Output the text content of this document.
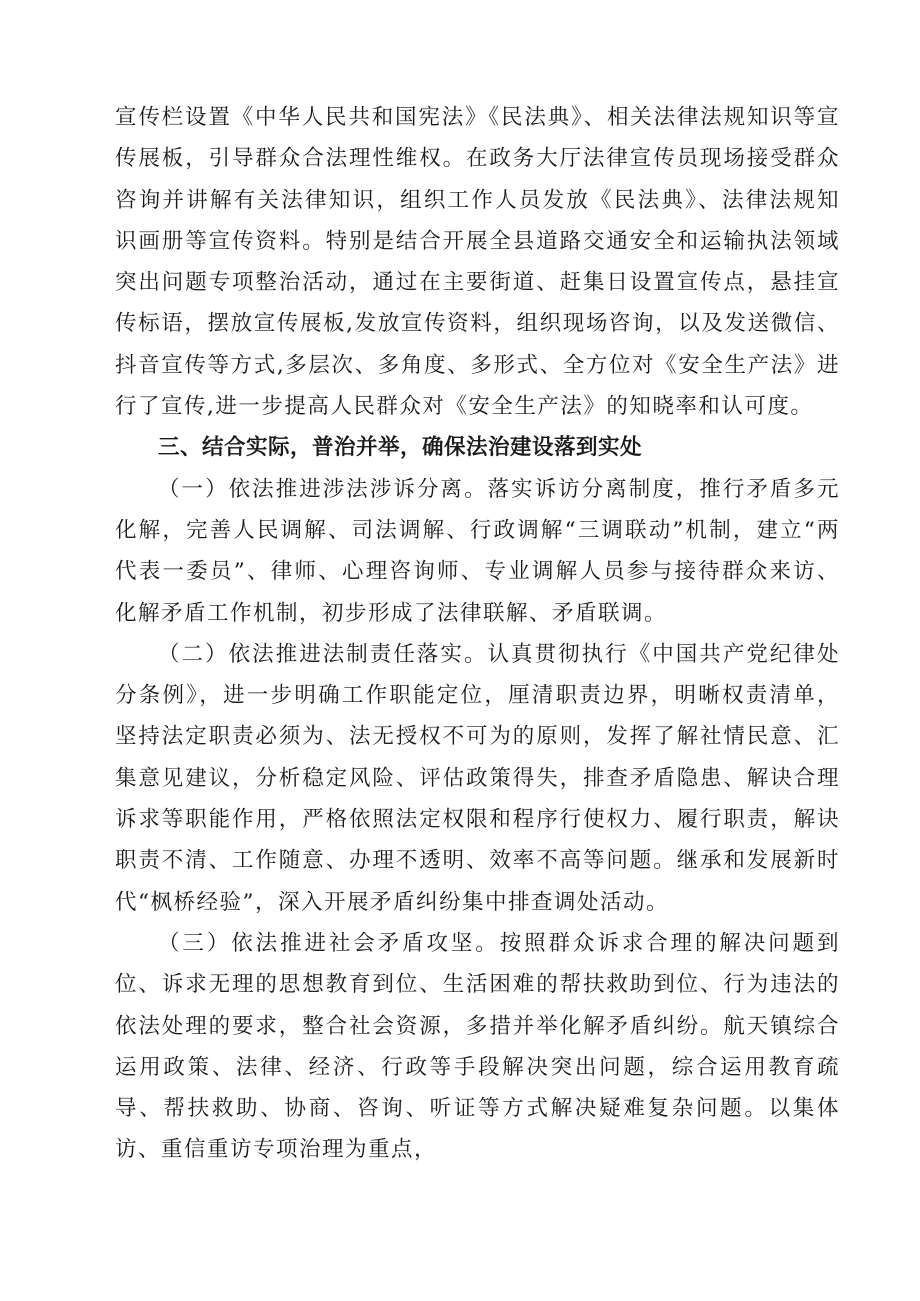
宣传栏设置《中华人民共和国宪法》《民法典》、相关法律法规知识等宣传展板，引导群众合法理性维权。在政务大厅法律宣传员现场接受群众咨询并讲解有关法律知识，组织工作人员发放《民法典》、法律法规知识画册等宣传资料。特别是结合开展全县道路交通安全和运输执法领域突出问题专项整治活动，通过在主要街道、赶集日设置宣传点，悬挂宣传标语，摆放宣传展板,发放宣传资料，组织现场咨询，以及发送微信、抖音宣传等方式,多层次、多角度、多形式、全方位对《安全生产法》进行了宣传,进一步提高人民群众对《安全生产法》的知晓率和认可度。

三、结合实际，普治并举，确保法治建设落到实处

（一）依法推进涉法涉诉分离。落实诉访分离制度，推行矛盾多元化解，完善人民调解、司法调解、行政调解“三调联动”机制，建立“两代表一委员”、律师、心理咨询师、专业调解人员参与接待群众来访、化解矛盾工作机制，初步形成了法律联解、矛盾联调。

（二）依法推进法制责任落实。认真贯彻执行《中国共产党纪律处分条例》，进一步明确工作职能定位，厘清职责边界，明晰权责清单，坚持法定职责必须为、法无授权不可为的原则，发挥了解社情民意、汇集意见建议，分析稳定风险、评估政策得失，排查矛盾隐患、解诀合理诉求等职能作用，严格依照法定权限和程序行使权力、履行职责，解诀职责不清、工作随意、办理不透明、效率不高等问题。继承和发展新时代“枫桥经验”，深入开展矛盾纠纷集中排查调处活动。

（三）依法推进社会矛盾攻坚。按照群众诉求合理的解决问题到位、诉求无理的思想教育到位、生活困难的帮扶救助到位、行为违法的依法处理的要求，整合社会资源，多措并举化解矛盾纠纷。航天镇综合运用政策、法律、经济、行政等手段解决突出问题，综合运用教育疏导、帮扶救助、协商、咨询、听证等方式解决疑难复杂问题。以集体访、重信重访专项治理为重点，
